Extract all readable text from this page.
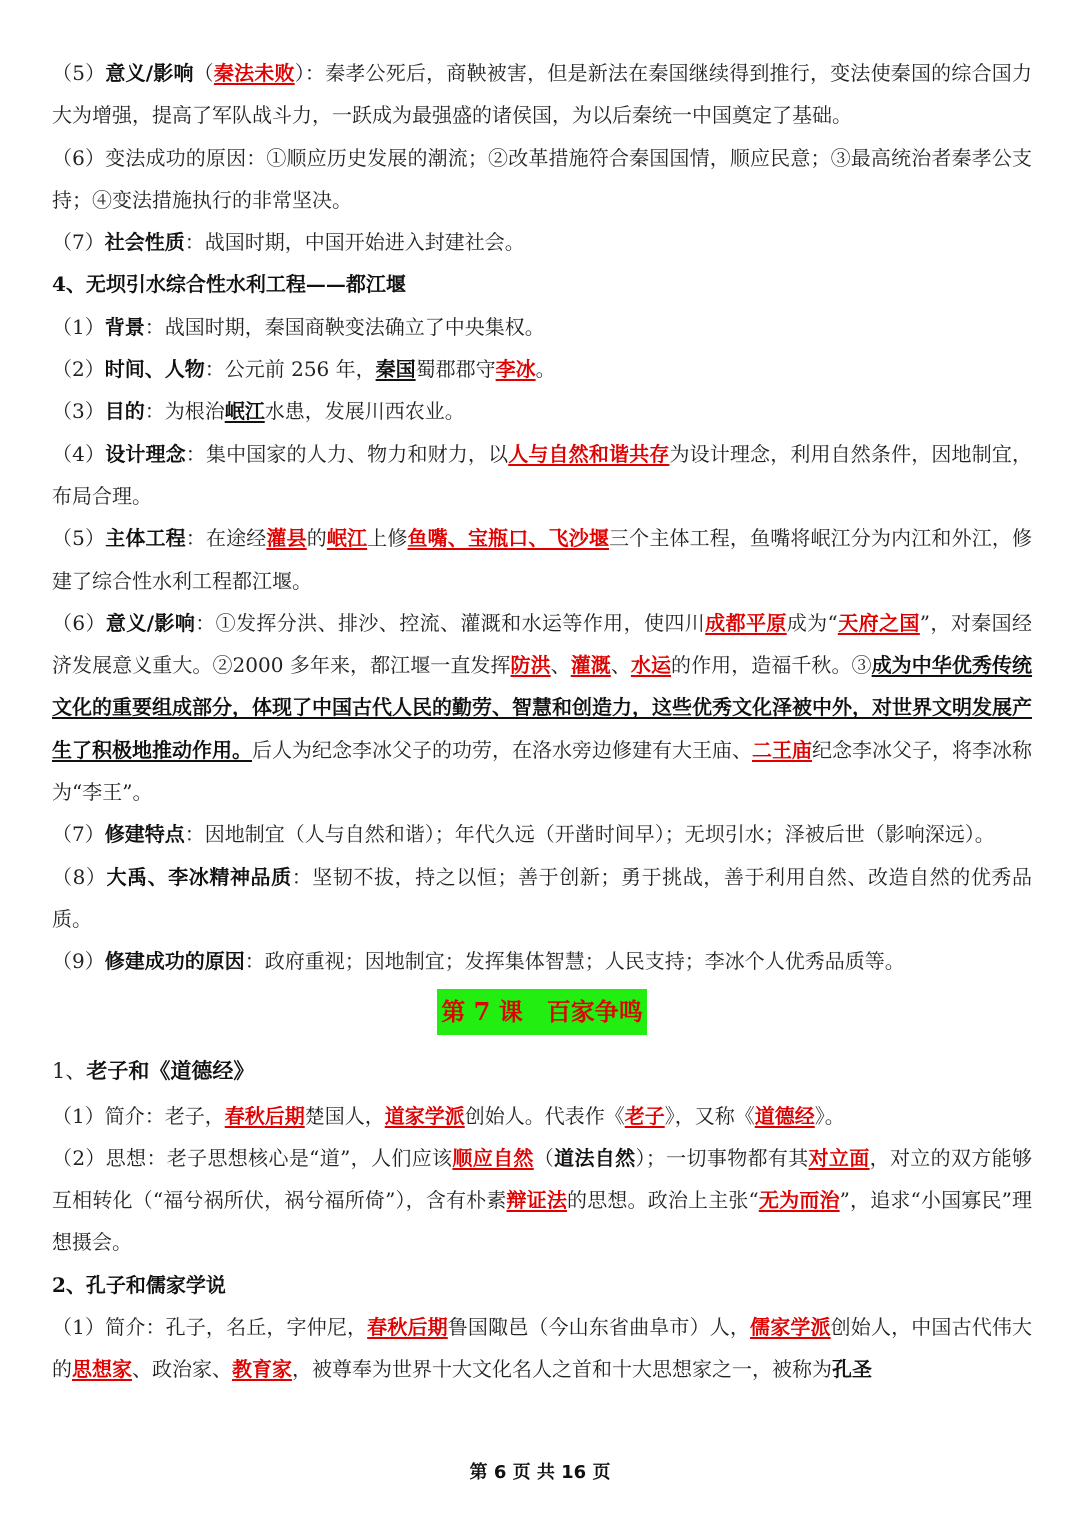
（5）意义/影响（秦法未败）：秦孝公死后，商鞅被害，但是新法在秦国继续得到推行，变法使秦国的综合国力大为增强，提高了军队战斗力，一跃成为最强盛的诸侯国，为以后秦统一中国奠定了基础。

（6）变法成功的原因：①顺应历史发展的潮流；②改革措施符合秦国国情，顺应民意；③最高统治者秦孝公支持；④变法措施执行的非常坚决。

（7）社会性质：战国时期，中国开始进入封建社会。

4、无坝引水综合性水利工程——都江堰

（1）背景：战国时期，秦国商鞅变法确立了中央集权。

（2）时间、人物：公元前 256 年，秦国蜀郡郡守李冰。

（3）目的：为根治岷江水患，发展川西农业。

（4）设计理念：集中国家的人力、物力和财力，以人与自然和谐共存为设计理念，利用自然条件，因地制宜，布局合理。

（5）主体工程：在途经灌县的岷江上修鱼嘴、宝瓶口、飞沙堰三个主体工程，鱼嘴将岷江分为内江和外江，修建了综合性水利工程都江堰。

（6）意义/影响：①发挥分洪、排沙、控流、灌溉和水运等作用，使四川成都平原成为“天府之国”，对秦国经济发展意义重大。②2000 多年来，都江堰一直发挥防洪、灌溉、水运的作用，造福千秋。③成为中华优秀传统文化的重要组成部分，体现了中国古代人民的勤劳、智慧和创造力，这些优秀文化泽被中外，对世界文明发展产生了积极地推动作用。后人为纪念李冰父子的功劳，在洛水旁边修建有大王庙、二王庙纪念李冰父子，将李冰称为“李王”。

（7）修建特点：因地制宜（人与自然和谐）；年代久远（开凿时间早）；无坝引水；泽被后世（影响深远）。

（8）大禹、李冰精神品质：坚韧不拔，持之以恒；善于创新；勇于挑战，善于利用自然、改造自然的优秀品质。

（9）修建成功的原因：政府重视；因地制宜；发挥集体智慧；人民支持；李冰个人优秀品质等。

第 7 课　百家争鸣

1、老子和《道德经》

（1）简介：老子，春秋后期楚国人，道家学派创始人。代表作《老子》，又称《道德经》。

（2）思想：老子思想核心是“道”，人们应该顺应自然（道法自然）；一切事物都有其对立面，对立的双方能够互相转化（“福兮祸所伏，祸兮福所倚”），含有朴素辩证法的思想。政治上主张“无为而治”，追求“小国寡民”理想摄会。

2、孔子和儒家学说

（1）简介：孔子，名丘，字仲尼，春秋后期鲁国陬邑（今山东省曲阜市）人，儒家学派创始人，中国古代伟大的思想家、政治家、教育家，被尊奉为世界十大文化名人之首和十大思想家之一，被称为孔圣

第 6 页 共 16 页
